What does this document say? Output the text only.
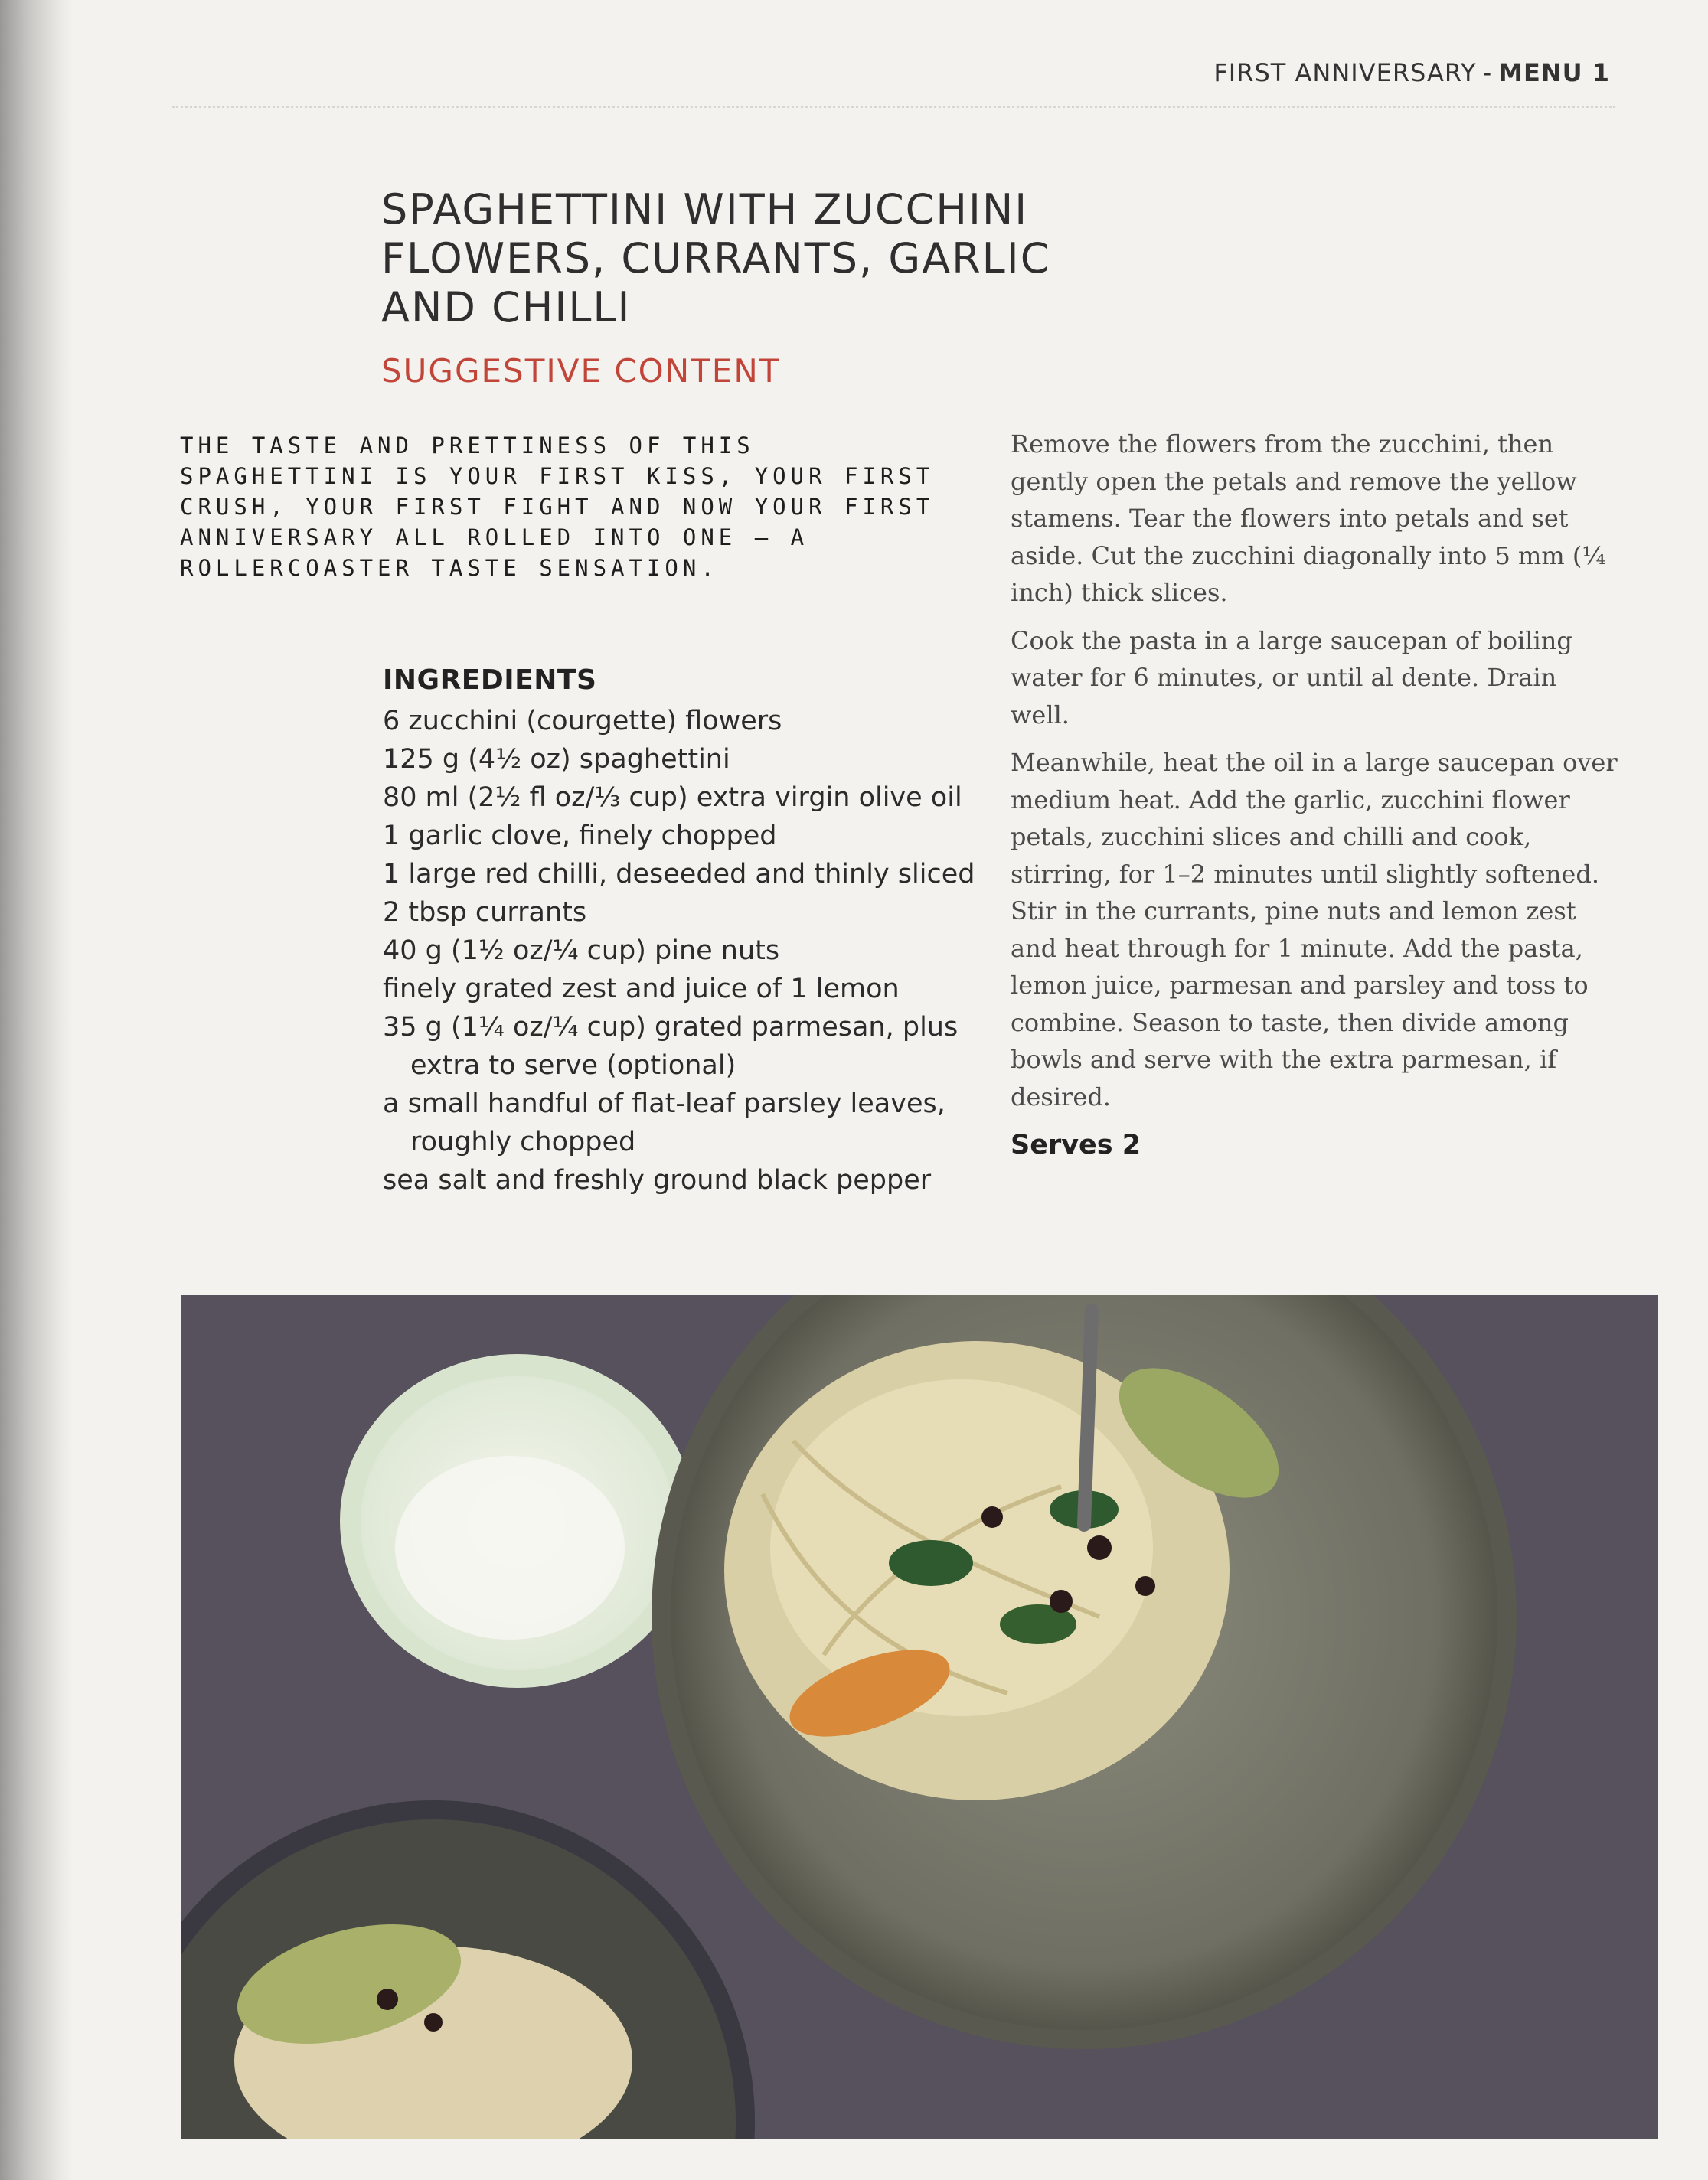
FIRST ANNIVERSARY - MENU 1
SPAGHETTINI WITH ZUCCHINI FLOWERS, CURRANTS, GARLIC AND CHILLI
SUGGESTIVE CONTENT
THE TASTE AND PRETTINESS OF THIS SPAGHETTINI IS YOUR FIRST KISS, YOUR FIRST CRUSH, YOUR FIRST FIGHT AND NOW YOUR FIRST ANNIVERSARY ALL ROLLED INTO ONE — A ROLLERCOASTER TASTE SENSATION.
INGREDIENTS
6 zucchini (courgette) flowers
125 g (4½ oz) spaghettini
80 ml (2½ fl oz/⅓ cup) extra virgin olive oil
1 garlic clove, finely chopped
1 large red chilli, deseeded and thinly sliced
2 tbsp currants
40 g (1½ oz/¼ cup) pine nuts
finely grated zest and juice of 1 lemon
35 g (1¼ oz/¼ cup) grated parmesan, plus extra to serve (optional)
a small handful of flat-leaf parsley leaves, roughly chopped
sea salt and freshly ground black pepper

Remove the flowers from the zucchini, then gently open the petals and remove the yellow stamens. Tear the flowers into petals and set aside. Cut the zucchini diagonally into 5 mm (¼ inch) thick slices.

Cook the pasta in a large saucepan of boiling water for 6 minutes, or until al dente. Drain well.

Meanwhile, heat the oil in a large saucepan over medium heat. Add the garlic, zucchini flower petals, zucchini slices and chilli and cook, stirring, for 1–2 minutes until slightly softened. Stir in the currants, pine nuts and lemon zest and heat through for 1 minute. Add the pasta, lemon juice, parmesan and parsley and toss to combine. Season to taste, then divide among bowls and serve with the extra parmesan, if desired.

Serves 2
